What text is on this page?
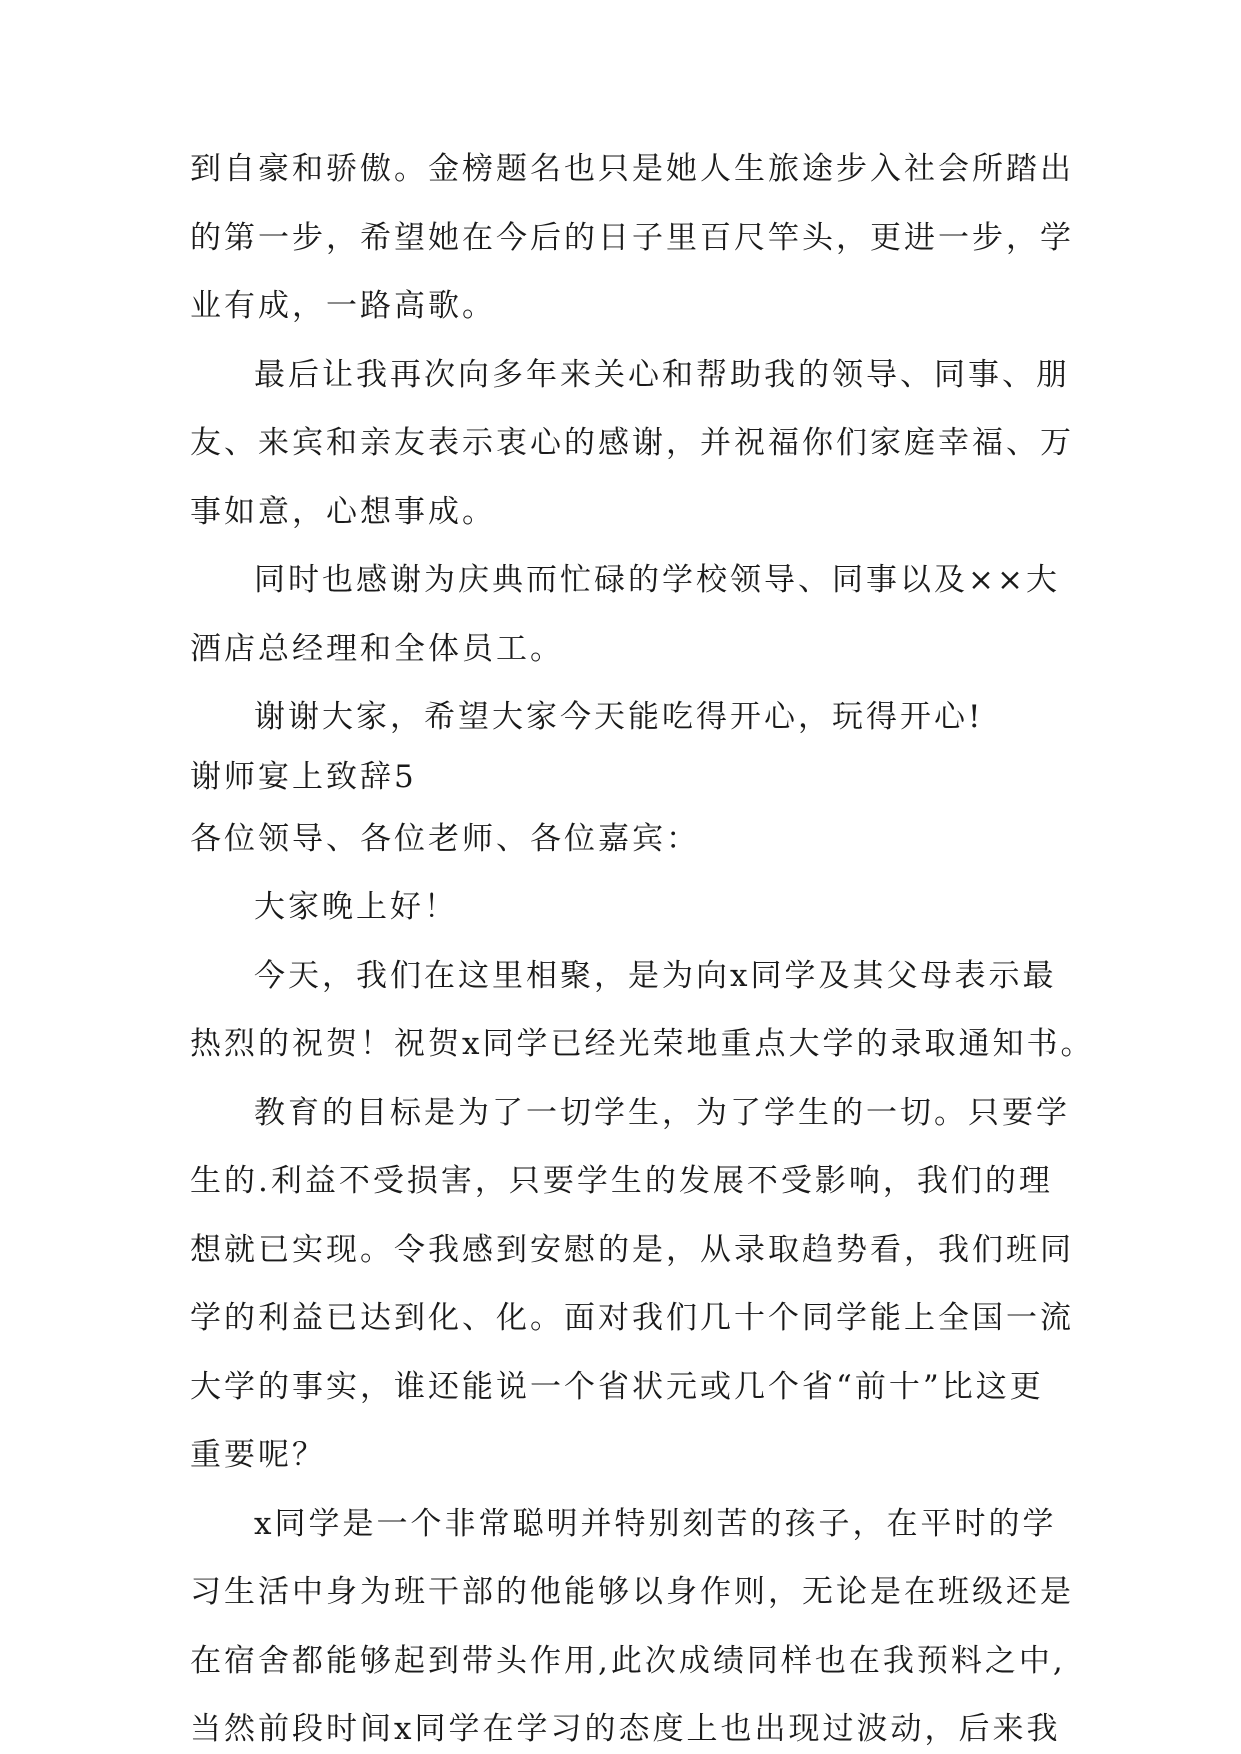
到自豪和骄傲。金榜题名也只是她人生旅途步入社会所踏出
的第一步，希望她在今后的日子里百尺竿头，更进一步，学
业有成，一路高歌。
最后让我再次向多年来关心和帮助我的领导、同事、朋
友、来宾和亲友表示衷心的感谢，并祝福你们家庭幸福、万
事如意，心想事成。
同时也感谢为庆典而忙碌的学校领导、同事以及××大
酒店总经理和全体员工。
谢谢大家，希望大家今天能吃得开心，玩得开心!
谢师宴上致辞5
各位领导、各位老师、各位嘉宾：
大家晚上好！
今天，我们在这里相聚，是为向x同学及其父母表示最
热烈的祝贺！祝贺x同学已经光荣地重点大学的录取通知书。
教育的目标是为了一切学生，为了学生的一切。只要学
生的.利益不受损害，只要学生的发展不受影响，我们的理
想就已实现。令我感到安慰的是，从录取趋势看，我们班同
学的利益已达到化、化。面对我们几十个同学能上全国一流
大学的事实，谁还能说一个省状元或几个省“前十”比这更
重要呢？
x同学是一个非常聪明并特别刻苦的孩子，在平时的学
习生活中身为班干部的他能够以身作则，无论是在班级还是
在宿舍都能够起到带头作用,此次成绩同样也在我预料之中,
当然前段时间x同学在学习的态度上也出现过波动，后来我
